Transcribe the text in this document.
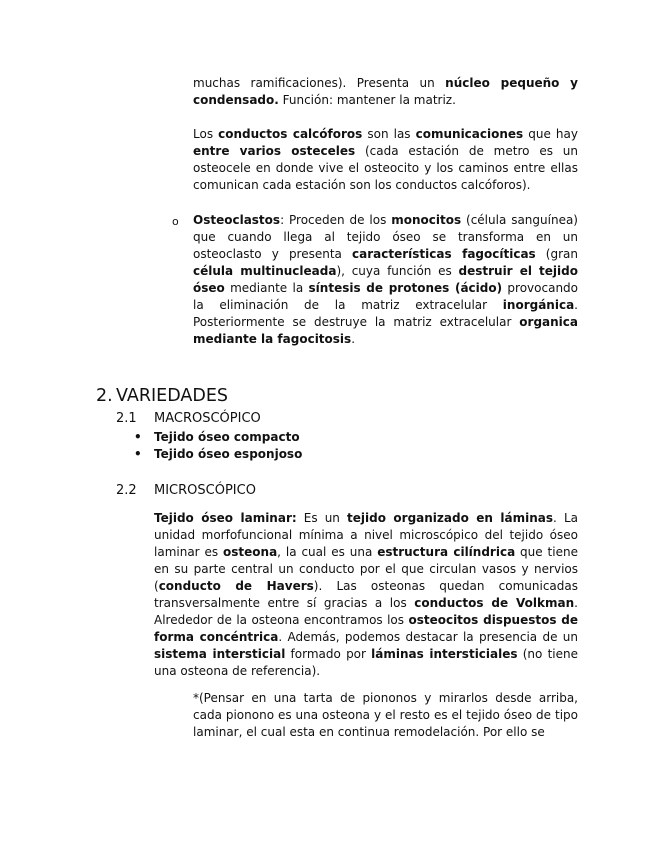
muchas ramificaciones). Presenta un núcleo pequeño y condensado. Función: mantener la matriz.
Los conductos calcóforos son las comunicaciones que hay entre varios osteceles (cada estación de metro es un osteocele en donde vive el osteocito y los caminos entre ellas comunican cada estación son los conductos calcóforos).
o Osteoclastos: Proceden de los monocitos (célula sanguínea) que cuando llega al tejido óseo se transforma en un osteoclasto y presenta características fagocíticas (gran célula multinucleada), cuya función es destruir el tejido óseo mediante la síntesis de protones (ácido) provocando la eliminación de la matriz extracelular inorgánica. Posteriormente se destruye la matriz extracelular organica mediante la fagocitosis.
2. VARIEDADES
2.1 MACROSCÓPICO
• Tejido óseo compacto
• Tejido óseo esponjoso
2.2 MICROSCÓPICO
Tejido óseo laminar: Es un tejido organizado en láminas. La unidad morfofuncional mínima a nivel microscópico del tejido óseo laminar es osteona, la cual es una estructura cilíndrica que tiene en su parte central un conducto por el que circulan vasos y nervios (conducto de Havers). Las osteonas quedan comunicadas transversalmente entre sí gracias a los conductos de Volkman. Alrededor de la osteona encontramos los osteocitos dispuestos de forma concéntrica. Además, podemos destacar la presencia de un sistema intersticial formado por láminas intersticiales (no tiene una osteona de referencia).
*(Pensar en una tarta de piononos y mirarlos desde arriba, cada pionono es una osteona y el resto es el tejido óseo de tipo laminar, el cual esta en continua remodelación. Por ello se
